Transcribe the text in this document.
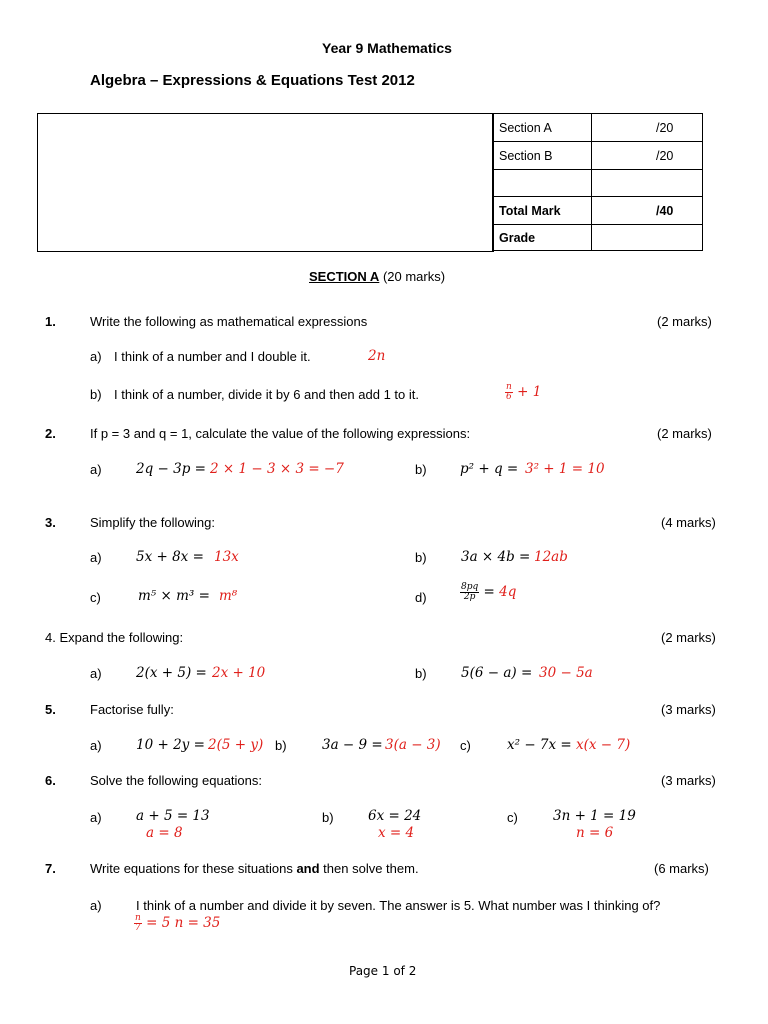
Year 9 Mathematics
Algebra – Expressions & Equations Test 2012
Section A	/20
Section B	/20

Total Mark	/40
Grade	
SECTION A (20 marks)
1.	Write the following as mathematical expressions	(2 marks)
a) I think of a number and I double it.	2n
b) I think of a number, divide it by 6 and then add 1 to it.	$\frac{n}{6} + 1$
2.	If p = 3 and q = 1, calculate the value of the following expressions:	(2 marks)
a)	2q − 3p = 2 × 1 − 3 × 3 = −7	b) p² + q = 3² + 1 = 10
3.	Simplify the following:	(4 marks)
a)	5x + 8x = 13x	b)	3a × 4b = 12ab
c)	m⁵ × m³ = m⁸	d)	$\frac{8pq}{2p} = 4q$
4. Expand the following:	(2 marks)
a)	2(x + 5) = 2x + 10	b)	5(6 − a) = 30 − 5a
5.	Factorise fully:	(3 marks)
a)	10 + 2y = 2(5 + y) b)	3a − 9 = 3(a − 3) c)	x² − 7x = x(x − 7)
6.	Solve the following equations:	(3 marks)
a)	a + 5 = 13
a = 8
b)	6x = 24
x = 4
c)	3n + 1 = 19
n = 6
7.	Write equations for these situations and then solve them.	(6 marks)
a)	I think of a number and divide it by seven. The answer is 5. What number was I thinking of?
$\frac{n}{7} = 5$ n = 35
Page 1 of 2
